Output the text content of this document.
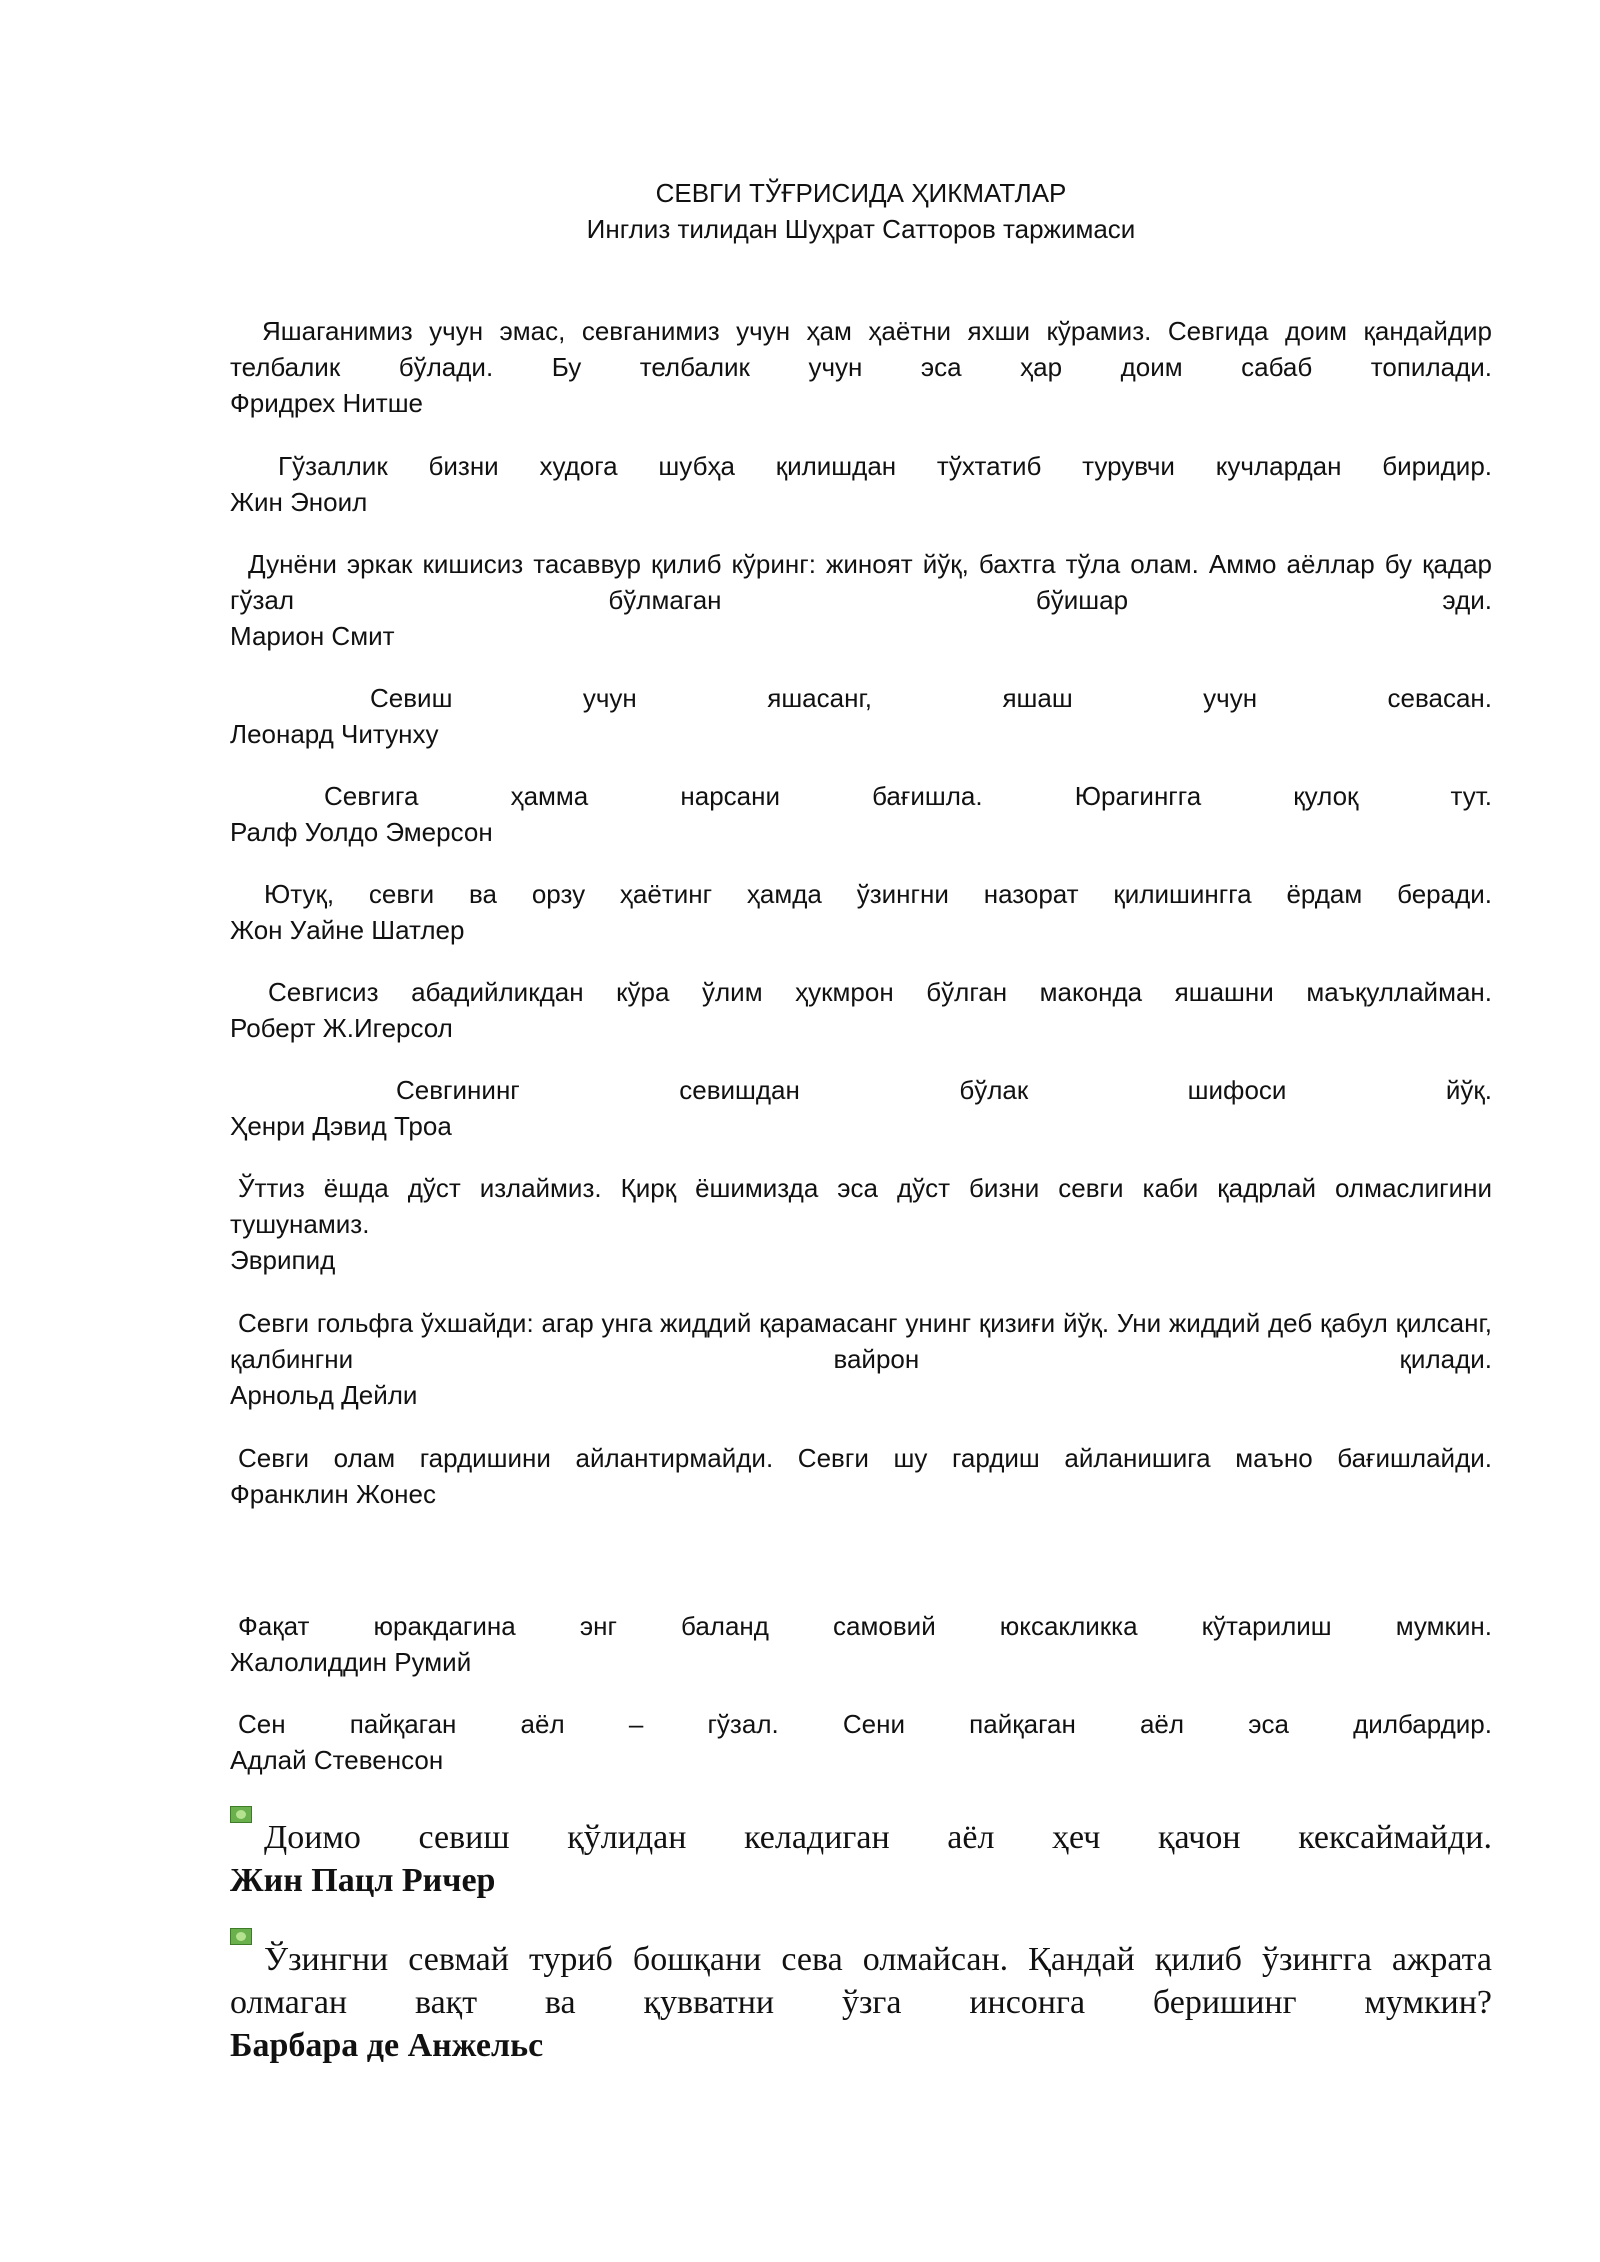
СЕВГИ ТЎҒРИСИДА ҲИКМАТЛАР
Инглиз тилидан Шуҳрат Сатторов таржимаси
Яшаганимиз учун эмас, севганимиз учун ҳам ҳаётни яхши кўрамиз. Севгида доим қандайдир телбалик бўлади. Бу телбалик учун эса ҳар доим сабаб топилади.
Фридрех Нитше
Гўзаллик бизни худога шубҳа қилишдан тўхтатиб турувчи кучлардан биридир.
Жин Эноил
Дунёни эркак кишисиз тасаввур қилиб кўринг: жиноят йўқ, бахтга тўла олам. Аммо аёллар бу қадар гўзал бўлмаган бўишар эди.
Марион Смит
Севиш учун яшасанг, яшаш учун севасан.
Леонард Читунху
Севгига ҳамма нарсани бағишла. Юрагингга қулоқ тут.
Ралф Уолдо Эмерсон
Ютуқ, севги ва орзу ҳаётинг ҳамда ўзингни назорат қилишингга ёрдам беради.
Жон Уайне Шатлер
Севгисиз абадийликдан кўра ўлим ҳукмрон бўлган маконда яшашни маъқуллайман.
Роберт Ж.Игерсол
Севгининг севишдан бўлак шифоси йўқ.
Ҳенри Дэвид Троа
Ўттиз ёшда дўст излаймиз. Қирқ ёшимизда эса дўст бизни севги каби қадрлай олмаслигини тушунамиз.
Эврипид
Севги гольфга ўхшайди: агар унга жиддий қарамасанг унинг қизиғи йўқ. Уни жиддий деб қабул қилсанг, қалбингни вайрон қилади.
Арнольд Дейли
Севги олам гардишини айлантирмайди. Севги шу гардиш айланишига маъно бағишлайди.
Франклин Жонес
Фақат юракдагина энг баланд самовий юксакликка кўтарилиш мумкин.
Жалолиддин Румий
Сен пайқаган аёл – гўзал. Сени пайқаган аёл эса дилбардир.
Адлай Стевенсон
Доимо севиш қўлидан келадиган аёл ҳеч қачон кексаймайди.
Жин Пацл Ричер
Ўзингни севмай туриб бошқани сева олмайсан. Қандай қилиб ўзингга ажрата олмаган вақт ва қувватни ўзга инсонга беришинг мумкин?
Барбара де Анжельс
